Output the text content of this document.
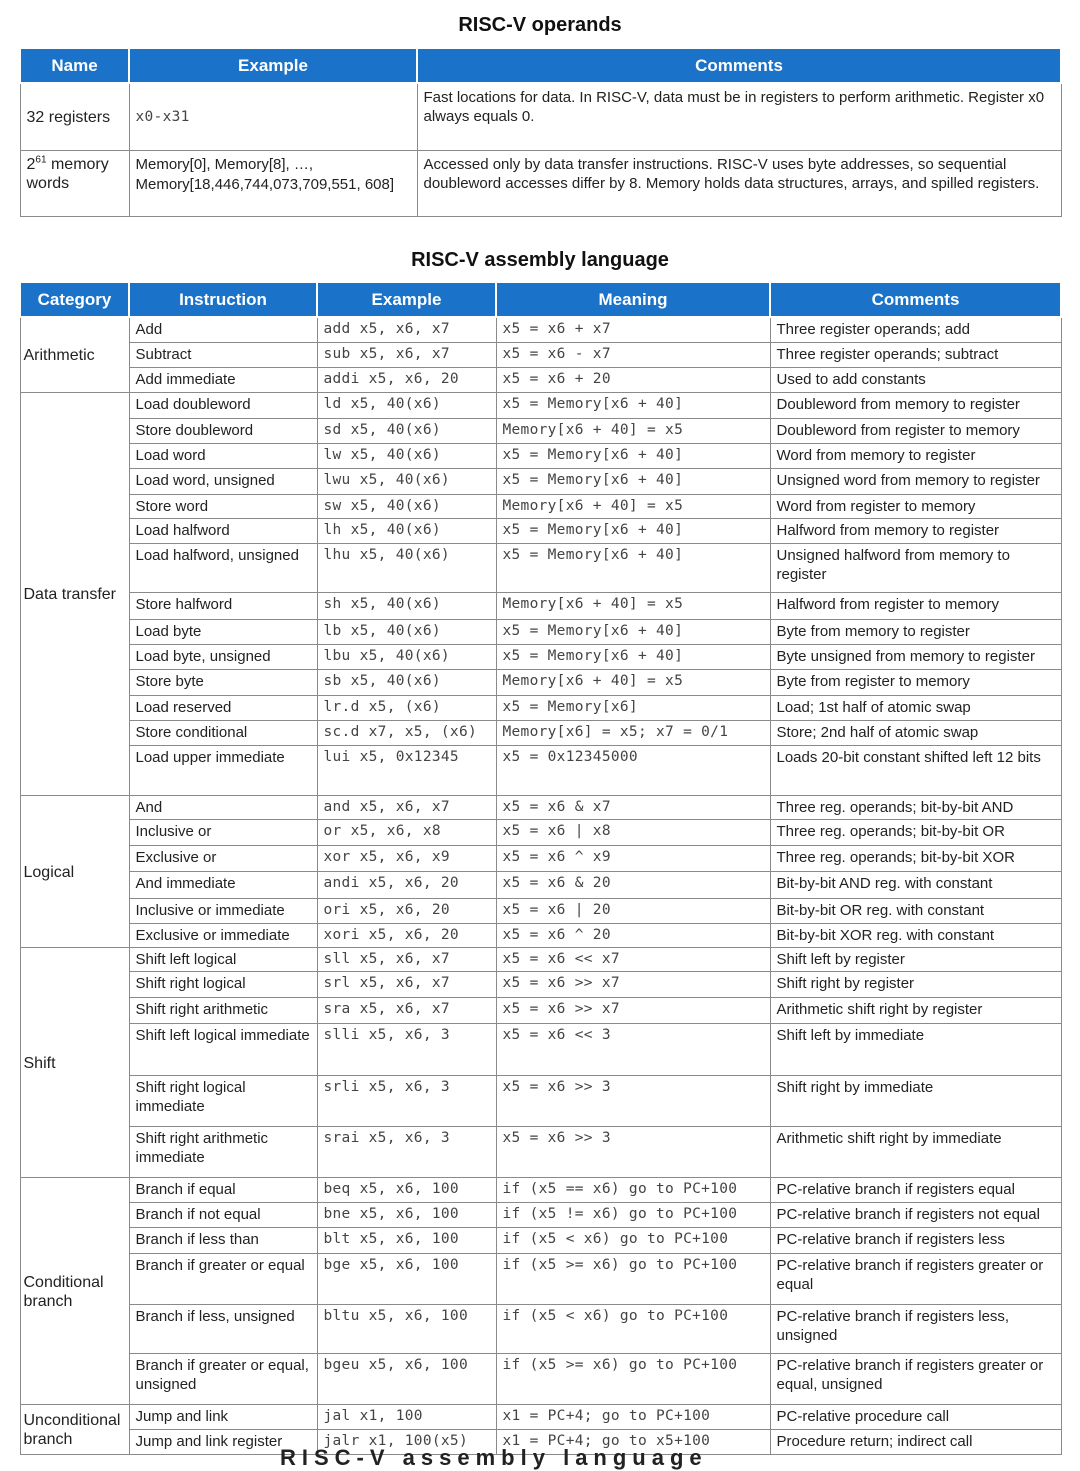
RISC-V operands
Name	Example	Comments
32 registers	x0-x31	Fast locations for data. In RISC-V, data must be in registers to perform arithmetic. Register x0 always equals 0.
$2^{61}$ memory words	Memory[0], Memory[8], …, Memory[18,446,744,073,709,551, 608]	Accessed only by data transfer instructions. RISC-V uses byte addresses, so sequential doubleword accesses differ by 8. Memory holds data structures, arrays, and spilled registers.
RISC-V assembly language
Category	Instruction	Example	Meaning	Comments
Arithmetic	Add	add x5, x6, x7	x5 = x6 + x7	Three register operands; add
	Subtract	sub x5, x6, x7	x5 = x6 - x7	Three register operands; subtract
	Add immediate	addi x5, x6, 20	x5 = x6 + 20	Used to add constants
Data transfer	Load doubleword	ld x5, 40(x6)	x5 = Memory[x6 + 40]	Doubleword from memory to register
	Store doubleword	sd x5, 40(x6)	Memory[x6 + 40] = x5	Doubleword from register to memory
	Load word	lw x5, 40(x6)	x5 = Memory[x6 + 40]	Word from memory to register
	Load word, unsigned	lwu x5, 40(x6)	x5 = Memory[x6 + 40]	Unsigned word from memory to register
	Store word	sw x5, 40(x6)	Memory[x6 + 40] = x5	Word from register to memory
	Load halfword	lh x5, 40(x6)	x5 = Memory[x6 + 40]	Halfword from memory to register
	Load halfword, unsigned	lhu x5, 40(x6)	x5 = Memory[x6 + 40]	Unsigned halfword from memory to register
	Store halfword	sh x5, 40(x6)	Memory[x6 + 40] = x5	Halfword from register to memory
	Load byte	lb x5, 40(x6)	x5 = Memory[x6 + 40]	Byte from memory to register
	Load byte, unsigned	lbu x5, 40(x6)	x5 = Memory[x6 + 40]	Byte unsigned from memory to register
	Store byte	sb x5, 40(x6)	Memory[x6 + 40] = x5	Byte from register to memory
	Load reserved	lr.d x5, (x6)	x5 = Memory[x6]	Load; 1st half of atomic swap
	Store conditional	sc.d x7, x5, (x6)	Memory[x6] = x5; x7 = 0/1	Store; 2nd half of atomic swap
	Load upper immediate	lui x5, 0x12345	x5 = 0x12345000	Loads 20-bit constant shifted left 12 bits
Logical	And	and x5, x6, x7	x5 = x6 & x7	Three reg. operands; bit-by-bit AND
	Inclusive or	or x5, x6, x8	x5 = x6 | x8	Three reg. operands; bit-by-bit OR
	Exclusive or	xor x5, x6, x9	x5 = x6 ^ x9	Three reg. operands; bit-by-bit XOR
	And immediate	andi x5, x6, 20	x5 = x6 & 20	Bit-by-bit AND reg. with constant
	Inclusive or immediate	ori x5, x6, 20	x5 = x6 | 20	Bit-by-bit OR reg. with constant
	Exclusive or immediate	xori x5, x6, 20	x5 = x6 ^ 20	Bit-by-bit XOR reg. with constant
Shift	Shift left logical	sll x5, x6, x7	x5 = x6 << x7	Shift left by register
	Shift right logical	srl x5, x6, x7	x5 = x6 >> x7	Shift right by register
	Shift right arithmetic	sra x5, x6, x7	x5 = x6 >> x7	Arithmetic shift right by register
	Shift left logical immediate	slli x5, x6, 3	x5 = x6 << 3	Shift left by immediate
	Shift right logical immediate	srli x5, x6, 3	x5 = x6 >> 3	Shift right by immediate
	Shift right arithmetic immediate	srai x5, x6, 3	x5 = x6 >> 3	Arithmetic shift right by immediate
Conditional branch	Branch if equal	beq x5, x6, 100	if (x5 == x6) go to PC+100	PC-relative branch if registers equal
	Branch if not equal	bne x5, x6, 100	if (x5 != x6) go to PC+100	PC-relative branch if registers not equal
	Branch if less than	blt x5, x6, 100	if (x5 < x6) go to PC+100	PC-relative branch if registers less
	Branch if greater or equal	bge x5, x6, 100	if (x5 >= x6) go to PC+100	PC-relative branch if registers greater or equal
	Branch if less, unsigned	bltu x5, x6, 100	if (x5 < x6) go to PC+100	PC-relative branch if registers less, unsigned
	Branch if greater or equal, unsigned	bgeu x5, x6, 100	if (x5 >= x6) go to PC+100	PC-relative branch if registers greater or equal, unsigned
Unconditional branch	Jump and link	jal x1, 100	x1 = PC+4; go to PC+100	PC-relative procedure call
	Jump and link register	jalr x1, 100(x5)	x1 = PC+4; go to x5+100	Procedure return; indirect call
RISC-V assembly language
